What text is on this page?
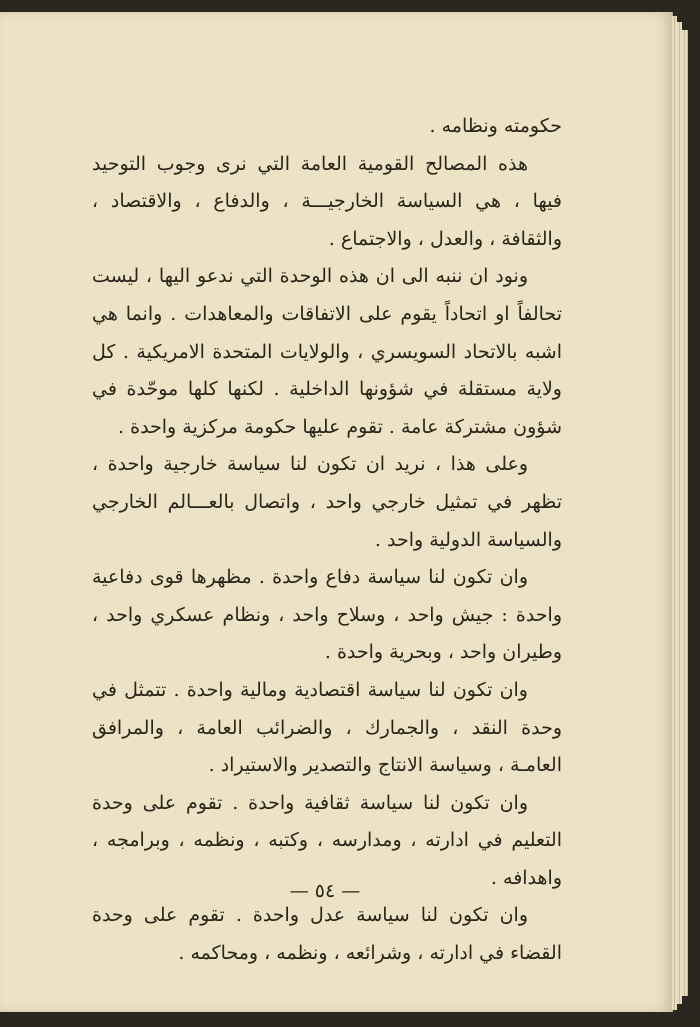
حكومته ونظامه .

هذه المصالح القومية العامة التي نرى وجوب التوحيد فيها ، هي السياسة الخارجيـــة ، والدفاع ، والاقتصاد ، والثقافة ، والعدل ، والاجتماع .

ونود ان ننبه الى ان هذه الوحدة التي ندعو اليها ، ليست تحالفاً او اتحاداً يقوم على الاتفاقات والمعاهدات . وانما هي اشبه بالاتحاد السويسري ، والولايات المتحدة الامريكية . كل ولاية مستقلة في شؤونها الداخلية . لكنها كلها موحّدة في شؤون مشتركة عامة . تقوم عليها حكومة مركزية واحدة .

وعلى هذا ، نريد ان تكون لنا سياسة خارجية واحدة ، تظهر في تمثيل خارجي واحد ، واتصال بالعـــالم الخارجي والسياسة الدولية واحد .

وان تكون لنا سياسة دفاع واحدة . مظهرها قوى دفاعية واحدة : جيش واحد ، وسلاح واحد ، ونظام عسكري واحد ، وطيران واحد ، وبحرية واحدة .

وان تكون لنا سياسة اقتصادية ومالية واحدة . تتمثل في وحدة النقد ، والجمارك ، والضرائب العامة ، والمرافق العامـة ، وسياسة الانتاج والتصدير والاستيراد .

وان تكون لنا سياسة ثقافية واحدة . تقوم على وحدة التعليم في ادارته ، ومدارسه ، وكتبه ، ونظمه ، وبرامجه ، واهدافه .

وان تكون لنا سياسة عدل واحدة . تقوم على وحدة القضاء في ادارته ، وشرائعه ، ونظمه ، ومحاكمه .

— ٥٤ —
